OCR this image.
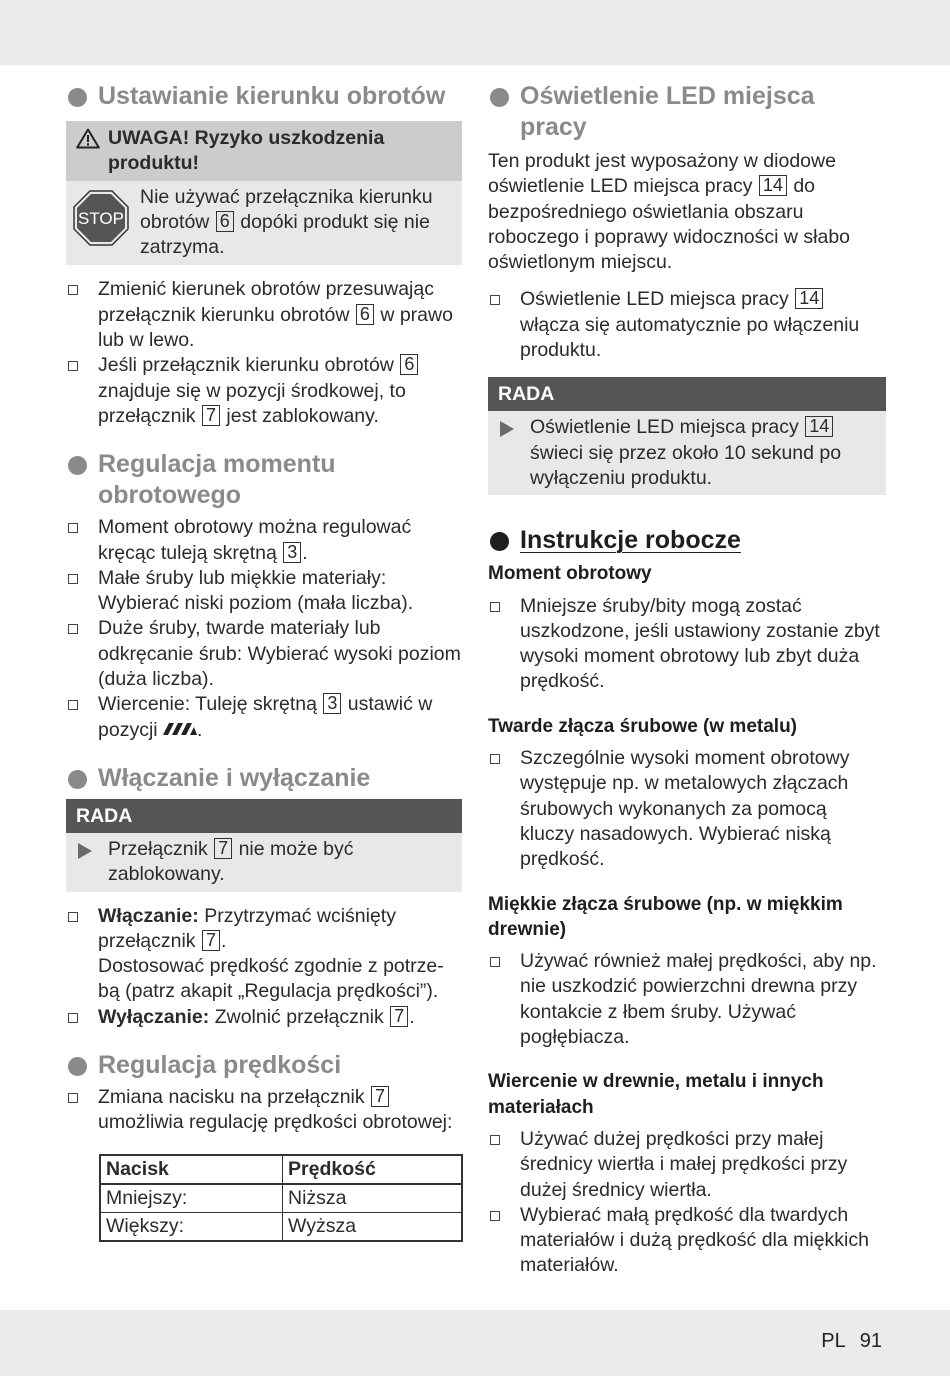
Ustawianie kierunku obrotów
UWAGA! Ryzyko uszkodzenia produktu!
STOP
Nie używać przełącznika kierunku obrotów 6 dopóki produkt się nie zatrzyma.
Zmienić kierunek obrotów przesuwając przełącznik kierunku obrotów 6 w prawo lub w lewo.
Jeśli przełącznik kierunku obrotów 6 znajduje się w pozycji środkowej, to przełącznik 7 jest zablokowany.
Regulacja momentu obrotowego
Moment obrotowy można regulować kręcąc tuleją skrętną 3 .
Małe śruby lub miękkie materiały: Wybierać niski poziom (mała liczba).
Duże śruby, twarde materiały lub odkręcanie śrub: Wybierać wysoki poziom (duża liczba).
Wiercenie: Tuleję skrętną 3 ustawić w pozycji .
Włączanie i wyłączanie
RADA
Przełącznik 7 nie może być zablokowany.
Włączanie: Przytrzymać wciśnięty przełącznik 7 .
Dostosować prędkość zgodnie z potrze-
bą (patrz akapit „Regulacja prędkości”).
Wyłączanie: Zwolnić przełącznik 7 .
Regulacja prędkości
Zmiana nacisku na przełącznik 7 umożliwia regulację prędkości obrotowej:
Nacisk	Prędkość
Mniejszy:	Niższa
Większy:	Wyższa
Oświetlenie LED miejsca pracy

Ten produkt jest wyposażony w diodowe oświetlenie LED miejsca pracy 14 do bezpośredniego oświetlania obszaru roboczego i poprawy widoczności w słabo oświetlonym miejscu.

Oświetlenie LED miejsca pracy 14 włącza się automatycznie po włączeniu produktu.
RADA
Oświetlenie LED miejsca pracy 14 świeci się przez około 10 sekund po wyłączeniu produktu.
Instrukcje robocze

Moment obrotowy

Mniejsze śruby/bity mogą zostać uszkodzone, jeśli ustawiony zostanie zbyt wysoki moment obrotowy lub zbyt duża prędkość.

Twarde złącza śrubowe (w metalu)

Szczególnie wysoki moment obrotowy występuje np. w metalowych złączach śrubowych wykonanych za pomocą kluczy nasadowych. Wybierać niską prędkość.

Miękkie złącza śrubowe (np. w miękkim drewnie)

Używać również małej prędkości, aby np. nie uszkodzić powierzchni drewna przy kontakcie z łbem śruby. Używać pogłębiacza.

Wiercenie w drewnie, metalu i innych materiałach

Używać dużej prędkości przy małej średnicy wiertła i małej prędkości przy dużej średnicy wiertła.
Wybierać małą prędkość dla twardych materiałów i dużą prędkość dla miękkich materiałów.
PL 91
